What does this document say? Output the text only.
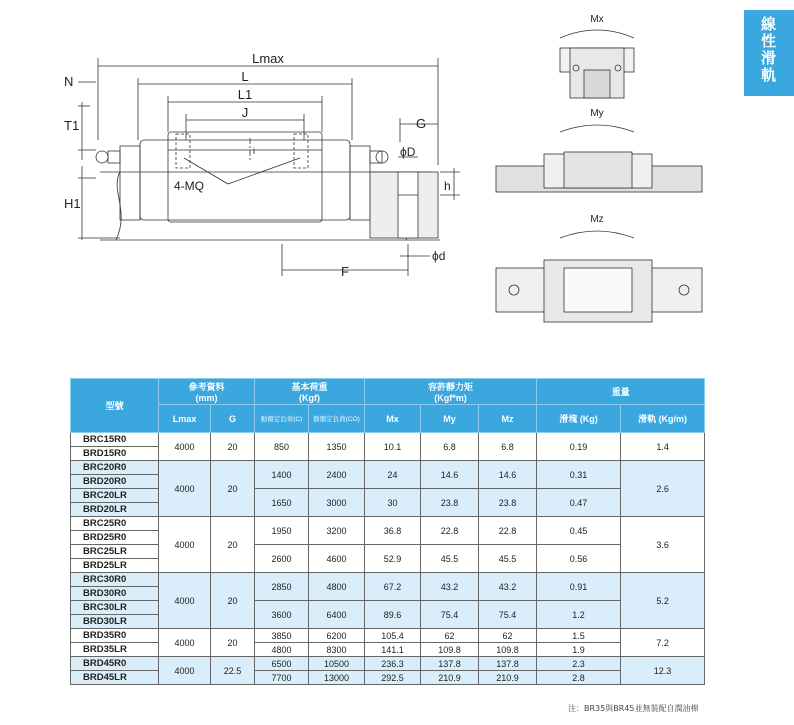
線
性
滑
軌
Lmax
L
L1
J
N
T1
H1
G
ϕD
h
ϕd
F
4-MQ
i
Mx
My
Mz
型號	參考資料
(mm)		基本荷重
(Kgf)		容許靜力矩
(Kgf*m)			重量	
	Lmax	G	動額定負荷(C)	靜額定負荷(CO)	Mx	My	Mz	滑塊 (Kg)	滑軌 (Kg/m)
BRC15R0	4000	20	850	1350	10.1	6.8	6.8	0.19	1.4
BRD15R0									
BRC20R0	4000	20	1400	2400	24	14.6	14.6	0.31	2.6
BRD20R0									
BRC20LR			1650	3000	30	23.8	23.8	0.47	
BRD20LR									
BRC25R0	4000	20	1950	3200	36.8	22.8	22.8	0.45	3.6
BRD25R0									
BRC25LR			2600	4600	52.9	45.5	45.5	0.56	
BRD25LR									
BRC30R0	4000	20	2850	4800	67.2	43.2	43.2	0.91	5.2
BRD30R0									
BRC30LR			3600	6400	89.6	75.4	75.4	1.2	
BRD30LR									
BRD35R0	4000	20	3850	6200	105.4	62	62	1.5	7.2
BRD35LR			4800	8300	141.1	109.8	109.8	1.9	
BRD45R0	4000	22.5	6500	10500	236.3	137.8	137.8	2.3	12.3
BRD45LR			7700	13000	292.5	210.9	210.9	2.8	
注：BR35與BR45並無裝配自潤油棉
